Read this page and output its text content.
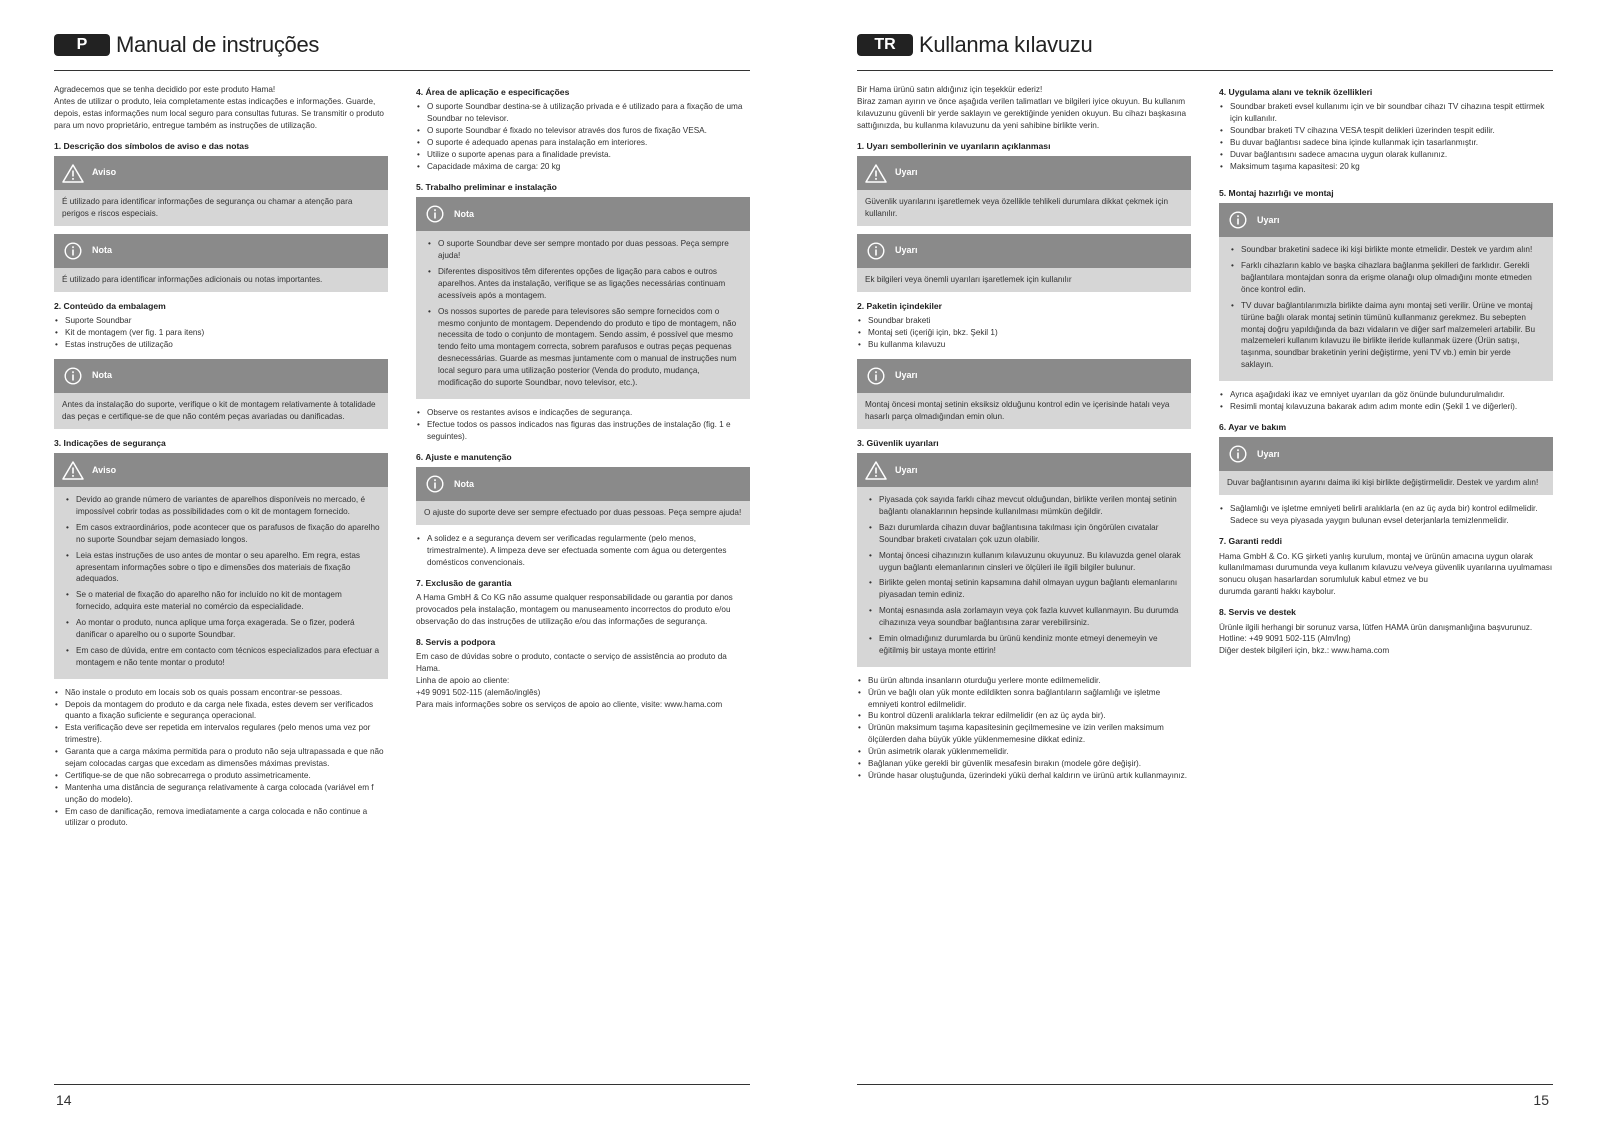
P	Manual de instruções

Agradecemos que se tenha decidido por este produto Hama!
Antes de utilizar o produto, leia completamente estas indicações e informações. Guarde, depois, estas informações num local seguro para consultas futuras. Se transmitir o produto para um novo proprietário, entregue também as instruções de utilização.

1. Descrição dos símbolos de aviso e das notas
Aviso
É utilizado para identificar informações de segurança ou chamar a atenção para perigos e riscos especiais.
Nota
É utilizado para identificar informações adicionais ou notas importantes.
2. Conteúdo da embalagem
• Suporte Soundbar
• Kit de montagem (ver fig. 1 para itens)
• Estas instruções de utilização
Nota
Antes da instalação do suporte, verifique o kit de montagem relativamente à totalidade das peças e certifique-se de que não contém peças avariadas ou danificadas.
3. Indicações de segurança
Aviso
• Devido ao grande número de variantes de aparelhos disponíveis no mercado, é impossível cobrir todas as possibilidades com o kit de montagem fornecido.
• Em casos extraordinários, pode acontecer que os parafusos de fixação do aparelho no suporte Soundbar sejam demasiado longos.
• Leia estas instruções de uso antes de montar o seu aparelho. Em regra, estas apresentam informações sobre o tipo e dimensões dos materiais de fixação adequados.
• Se o material de fixação do aparelho não for incluído no kit de montagem fornecido, adquira este material no comércio da especialidade.
• Ao montar o produto, nunca aplique uma força exagerada. Se o fizer, poderá danificar o aparelho ou o suporte Soundbar.
• Em caso de dúvida, entre em contacto com técnicos especializados para efectuar a montagem e não tente montar o produto!
• Não instale o produto em locais sob os quais possam encontrar-se pessoas.
• Depois da montagem do produto e da carga nele fixada, estes devem ser verificados quanto a fixação suficiente e segurança operacional.
• Esta verificação deve ser repetida em intervalos regulares (pelo menos uma vez por trimestre).
• Garanta que a carga máxima permitida para o produto não seja ultrapassada e que não sejam colocadas cargas que excedam as dimensões máximas previstas.
• Certifique-se de que não sobrecarrega o produto assimetricamente.
• Mantenha uma distância de segurança relativamente à carga colocada (variável em f unção do modelo).
• Em caso de danificação, remova imediatamente a carga colocada e não continue a utilizar o produto.
4. Área de aplicação e especificações
• O suporte Soundbar destina-se à utilização privada e é utilizado para a fixação de uma Soundbar no televisor.
• O suporte Soundbar é fixado no televisor através dos furos de fixação VESA.
• O suporte é adequado apenas para instalação em interiores.
• Utilize o suporte apenas para a finalidade prevista.
• Capacidade máxima de carga: 20 kg
5. Trabalho preliminar e instalação
Nota
• O suporte Soundbar deve ser sempre montado por duas pessoas. Peça sempre ajuda!
• Diferentes dispositivos têm diferentes opções de ligação para cabos e outros aparelhos. Antes da instalação, verifique se as ligações necessárias continuam acessíveis após a montagem.
• Os nossos suportes de parede para televisores são sempre fornecidos com o mesmo conjunto de montagem. Dependendo do produto e tipo de montagem, não necessita de todo o conjunto de montagem. Sendo assim, é possível que mesmo tendo feito uma montagem correcta, sobrem parafusos e outras peças pequenas desnecessárias. Guarde as mesmas juntamente com o manual de instruções num local seguro para uma utilização posterior (Venda do produto, mudança, modificação do suporte Soundbar, novo televisor, etc.).
• Observe os restantes avisos e indicações de segurança.
• Efectue todos os passos indicados nas figuras das instruções de instalação (fig. 1 e seguintes).
6. Ajuste e manutenção
Nota
O ajuste do suporte deve ser sempre efectuado por duas pessoas. Peça sempre ajuda!
• A solidez e a segurança devem ser verificadas regularmente (pelo menos, trimestralmente). A limpeza deve ser efectuada somente com água ou detergentes domésticos convencionais.
7. Exclusão de garantia

A Hama GmbH & Co KG não assume qualquer responsabilidade ou garantia por danos provocados pela instalação, montagem ou manuseamento incorrectos do produto e/ou observação do das instruções de utilização e/ou das informações de segurança.

8. Servis a podpora

Em caso de dúvidas sobre o produto, contacte o serviço de assistência ao produto da Hama.
Linha de apoio ao cliente:
+49 9091 502-115 (alemão/inglês)
Para mais informações sobre os serviços de apoio ao cliente, visite: www.hama.com

14
TR	Kullanma kılavuzu

Bir Hama ürünü satın aldığınız için teşekkür ederiz!
Biraz zaman ayırın ve önce aşağıda verilen talimatları ve bilgileri iyice okuyun. Bu kullanım kılavuzunu güvenli bir yerde saklayın ve gerektiğinde yeniden okuyun. Bu cihazı başkasına sattığınızda, bu kullanma kılavuzunu da yeni sahibine birlikte verin.

1. Uyarı sembollerinin ve uyarıların açıklanması
Uyarı
Güvenlik uyarılarını işaretlemek veya özellikle tehlikeli durumlara dikkat çekmek için kullanılır.
Uyarı
Ek bilgileri veya önemli uyarıları işaretlemek için kullanılır
2. Paketin içindekiler
• Soundbar braketi
• Montaj seti (içeriği için, bkz. Şekil 1)
• Bu kullanma kılavuzu
Uyarı
Montaj öncesi montaj setinin eksiksiz olduğunu kontrol edin ve içerisinde hatalı veya hasarlı parça olmadığından emin olun.
3. Güvenlik uyarıları
Uyarı
• Piyasada çok sayıda farklı cihaz mevcut olduğundan, birlikte verilen montaj setinin bağlantı olanaklarının hepsinde kullanılması mümkün değildir.
• Bazı durumlarda cihazın duvar bağlantısına takılması için öngörülen cıvatalar Soundbar braketi cıvataları çok uzun olabilir.
• Montaj öncesi cihazınızın kullanım kılavuzunu okuyunuz. Bu kılavuzda genel olarak uygun bağlantı elemanlarının cinsleri ve ölçüleri ile ilgili bilgiler bulunur.
• Birlikte gelen montaj setinin kapsamına dahil olmayan uygun bağlantı elemanlarını piyasadan temin ediniz.
• Montaj esnasında asla zorlamayın veya çok fazla kuvvet kullanmayın. Bu durumda cihazınıza veya soundbar bağlantısına zarar verebilirsiniz.
• Emin olmadığınız durumlarda bu ürünü kendiniz monte etmeyi denemeyin ve eğitilmiş bir ustaya monte ettirin!
• Bu ürün altında insanların oturduğu yerlere monte edilmemelidir.
• Ürün ve bağlı olan yük monte edildikten sonra bağlantıların sağlamlığı ve işletme emniyeti kontrol edilmelidir.
• Bu kontrol düzenli aralıklarla tekrar edilmelidir (en az üç ayda bir).
• Ürünün maksimum taşıma kapasitesinin geçilmemesine ve izin verilen maksimum ölçülerden daha büyük yükle yüklenmemesine dikkat ediniz.
• Ürün asimetrik olarak yüklenmemelidir.
• Bağlanan yüke gerekli bir güvenlik mesafesin bırakın (modele göre değişir).
• Üründe hasar oluştuğunda, üzerindeki yükü derhal kaldırın ve ürünü artık kullanmayınız.
4. Uygulama alanı ve teknik özellikleri
• Soundbar braketi evsel kullanımı için ve bir soundbar cihazı TV cihazına tespit ettirmek için kullanılır.
• Soundbar braketi TV cihazına VESA tespit delikleri üzerinden tespit edilir.
• Bu duvar bağlantısı sadece bina içinde kullanmak için tasarlanmıştır.
• Duvar bağlantısını sadece amacına uygun olarak kullanınız.
• Maksimum taşıma kapasitesi: 20 kg
5. Montaj hazırlığı ve montaj
Uyarı
• Soundbar braketini sadece iki kişi birlikte monte etmelidir. Destek ve yardım alın!
• Farklı cihazların kablo ve başka cihazlara bağlanma şekilleri de farklıdır. Gerekli bağlantılara montajdan sonra da erişme olanağı olup olmadığını monte etmeden önce kontrol edin.
• TV duvar bağlantılarımızla birlikte daima aynı montaj seti verilir. Ürüne ve montaj türüne bağlı olarak montaj setinin tümünü kullanmanız gerekmez. Bu sebepten montaj doğru yapıldığında da bazı vidaların ve diğer sarf malzemeleri artabilir. Bu malzemeleri kullanım kılavuzu ile birlikte ileride kullanmak üzere (Ürün satışı, taşınma, soundbar braketinin yerini değiştirme, yeni TV vb.) emin bir yerde saklayın.
• Ayrıca aşağıdaki ikaz ve emniyet uyarıları da göz önünde bulundurulmalıdır.
• Resimli montaj kılavuzuna bakarak adım adım monte edin (Şekil 1 ve diğerleri).
6. Ayar ve bakım
Uyarı
Duvar bağlantısının ayarını daima iki kişi birlikte değiştirmelidir. Destek ve yardım alın!
• Sağlamlığı ve işletme emniyeti belirli aralıklarla (en az üç ayda bir) kontrol edilmelidir. Sadece su veya piyasada yaygın bulunan evsel deterjanlarla temizlenmelidir.
7. Garanti reddi

Hama GmbH & Co. KG şirketi yanlış kurulum, montaj ve ürünün amacına uygun olarak kullanılmaması durumunda veya kullanım kılavuzu ve/veya güvenlik uyarılarına uyulmaması sonucu oluşan hasarlardan sorumluluk kabul etmez ve bu
durumda garanti hakkı kaybolur.

8. Servis ve destek

Ürünle ilgili herhangi bir sorunuz varsa, lütfen HAMA ürün danışmanlığına başvurunuz.
Hotline: +49 9091 502-115 (Alm/İng)
Diğer destek bilgileri için, bkz.: www.hama.com

15
